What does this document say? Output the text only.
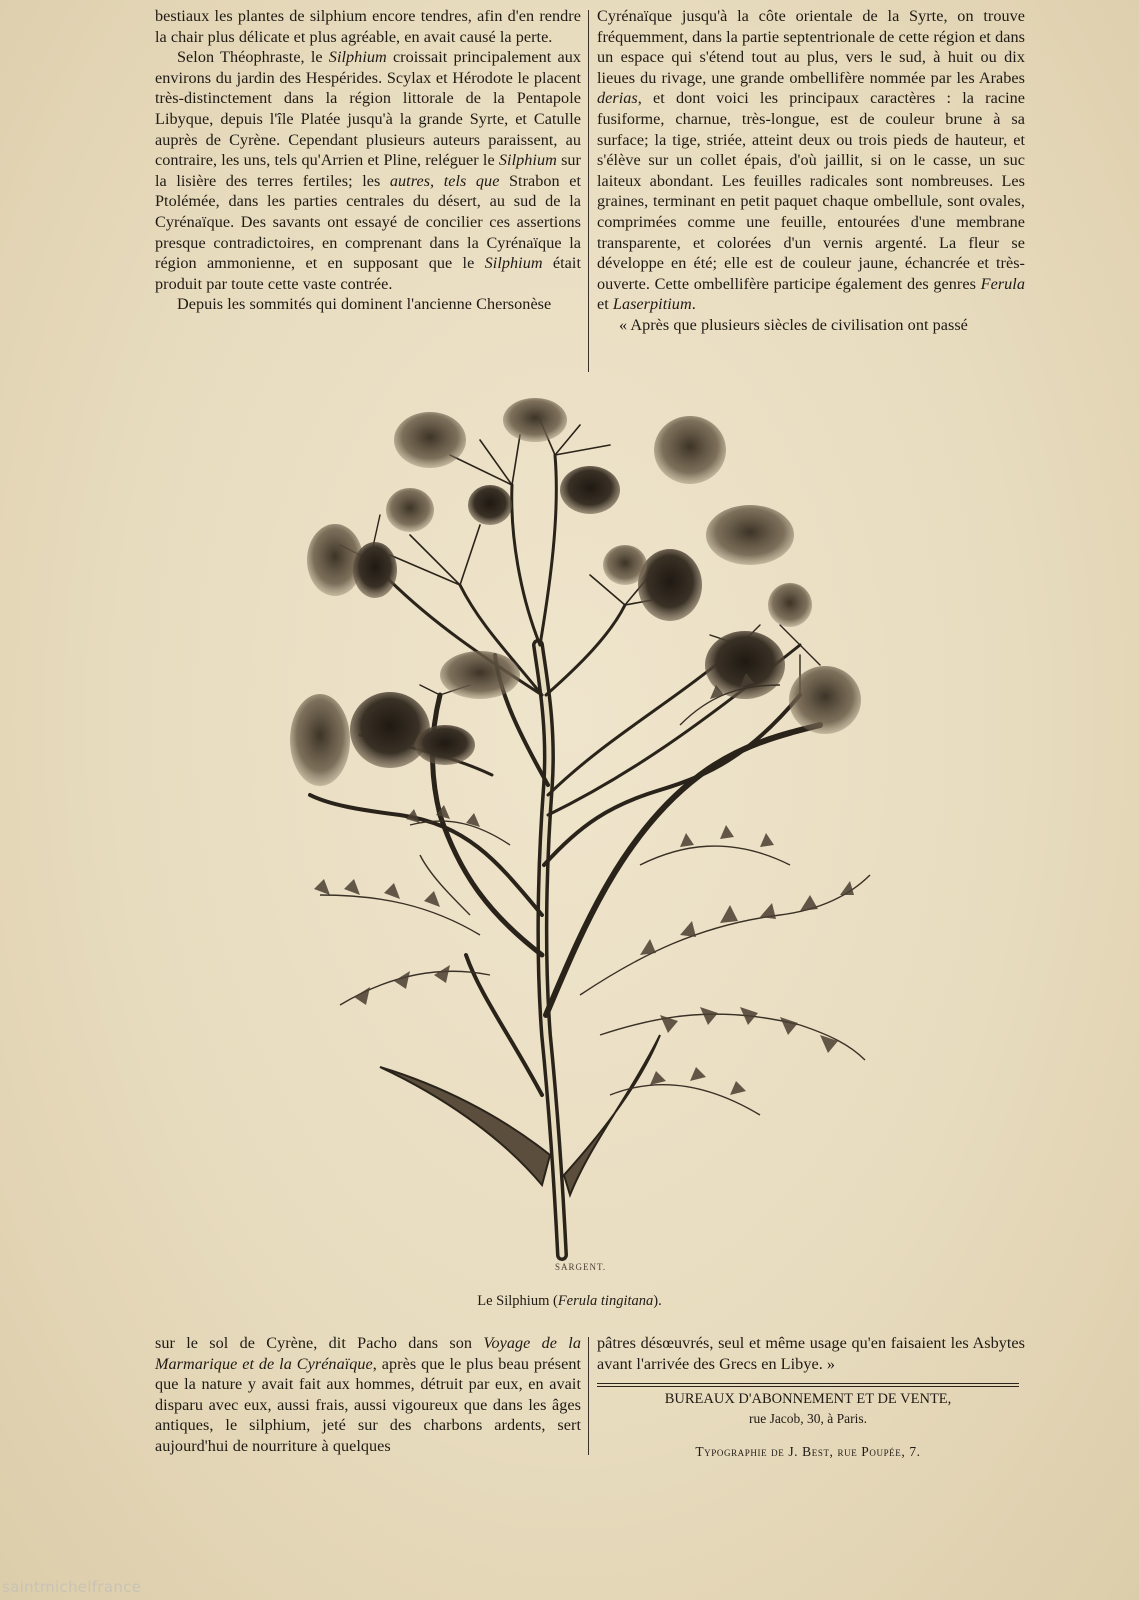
bestiaux les plantes de silphium encore tendres, afin d'en rendre la chair plus délicate et plus agréable, en avait causé la perte.

Selon Théophraste, le Silphium croissait principalement aux environs du jardin des Hespérides. Scylax et Hérodote le placent très-distinctement dans la région littorale de la Pentapole Libyque, depuis l'île Platée jusqu'à la grande Syrte, et Catulle auprès de Cyrène. Cependant plusieurs auteurs paraissent, au contraire, les uns, tels qu'Arrien et Pline, reléguer le Silphium sur la lisière des terres fertiles; les autres, tels que Strabon et Ptolémée, dans les parties centrales du désert, au sud de la Cyrénaïque. Des savants ont essayé de concilier ces assertions presque contradictoires, en comprenant dans la Cyrénaïque la région ammonienne, et en supposant que le Silphium était produit par toute cette vaste contrée.

Depuis les sommités qui dominent l'ancienne Chersonèse

Cyrénaïque jusqu'à la côte orientale de la Syrte, on trouve fréquemment, dans la partie septentrionale de cette région et dans un espace qui s'étend tout au plus, vers le sud, à huit ou dix lieues du rivage, une grande ombellifère nommée par les Arabes derias, et dont voici les principaux caractères : la racine fusiforme, charnue, très-longue, est de couleur brune à sa surface; la tige, striée, atteint deux ou trois pieds de hauteur, et s'élève sur un collet épais, d'où jaillit, si on le casse, un suc laiteux abondant. Les feuilles radicales sont nombreuses. Les graines, terminant en petit paquet chaque ombellule, sont ovales, comprimées comme une feuille, entourées d'une membrane transparente, et colorées d'un vernis argenté. La fleur se développe en été; elle est de couleur jaune, échancrée et très-ouverte. Cette ombellifère participe également des genres Ferula et Laserpitium.

« Après que plusieurs siècles de civilisation ont passé

SARGENT.
Le Silphium (Ferula tingitana).

sur le sol de Cyrène, dit Pacho dans son Voyage de la Marmarique et de la Cyrénaïque, après que le plus beau présent que la nature y avait fait aux hommes, détruit par eux, en avait disparu avec eux, aussi frais, aussi vigoureux que dans les âges antiques, le silphium, jeté sur des charbons ardents, sert aujourd'hui de nourriture à quelques

pâtres désœuvrés, seul et même usage qu'en faisaient les Asbytes avant l'arrivée des Grecs en Libye. »

BUREAUX D'ABONNEMENT ET DE VENTE,
rue Jacob, 30, à Paris.
Typographie de J. Best, rue Poupée, 7.
saintmichelfrance
